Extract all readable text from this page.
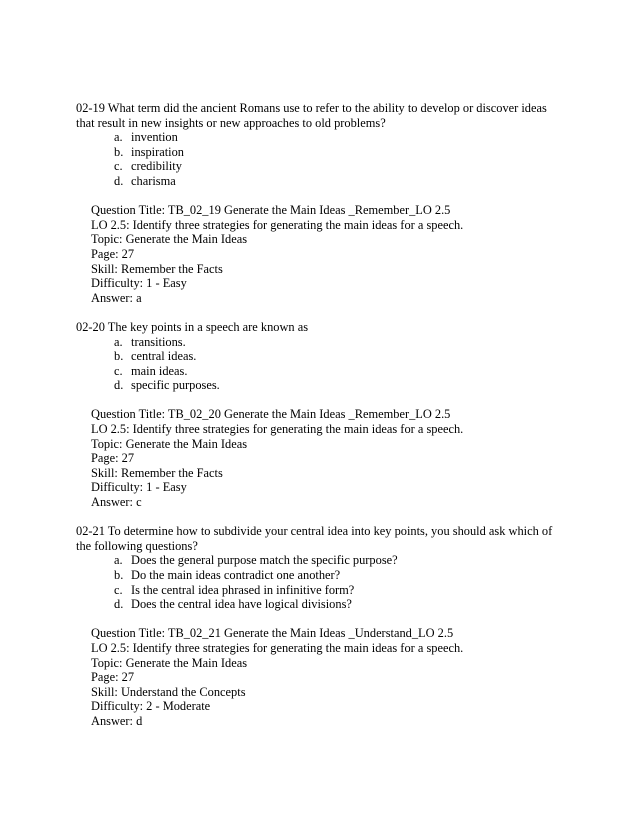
02-19 What term did the ancient Romans use to refer to the ability to develop or discover ideas that result in new insights or new approaches to old problems?

a. invention
b. inspiration
c. credibility
d. charisma
Question Title: TB_02_19 Generate the Main Ideas _Remember_LO 2.5
LO 2.5: Identify three strategies for generating the main ideas for a speech.
Topic: Generate the Main Ideas
Page: 27
Skill: Remember the Facts
Difficulty: 1 - Easy
Answer: a

02-20 The key points in a speech are known as

a. transitions.
b. central ideas.
c. main ideas.
d. specific purposes.
Question Title: TB_02_20 Generate the Main Ideas _Remember_LO 2.5
LO 2.5: Identify three strategies for generating the main ideas for a speech.
Topic: Generate the Main Ideas
Page: 27
Skill: Remember the Facts
Difficulty: 1 - Easy
Answer: c

02-21 To determine how to subdivide your central idea into key points, you should ask which of the following questions?

a. Does the general purpose match the specific purpose?
b. Do the main ideas contradict one another?
c. Is the central idea phrased in infinitive form?
d. Does the central idea have logical divisions?
Question Title: TB_02_21 Generate the Main Ideas _Understand_LO 2.5
LO 2.5: Identify three strategies for generating the main ideas for a speech.
Topic: Generate the Main Ideas
Page: 27
Skill: Understand the Concepts
Difficulty: 2 - Moderate
Answer: d
